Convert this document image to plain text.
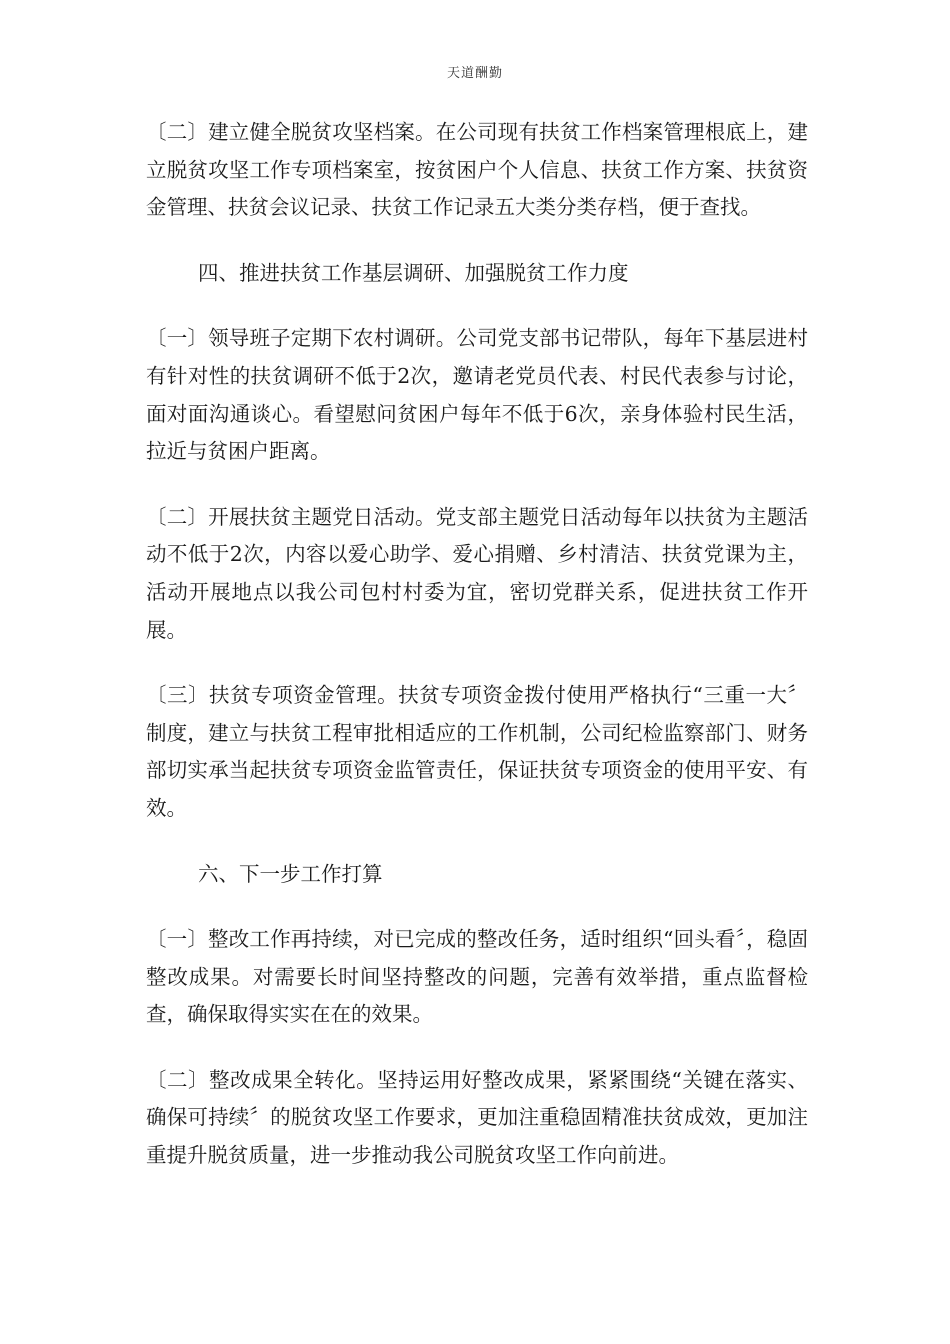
天道酬勤

〔二〕建立健全脱贫攻坚档案。在公司现有扶贫工作档案管理根底上，建立脱贫攻坚工作专项档案室，按贫困户个人信息、扶贫工作方案、扶贫资金管理、扶贫会议记录、扶贫工作记录五大类分类存档，便于查找。

四、推进扶贫工作基层调研、加强脱贫工作力度

〔一〕领导班子定期下农村调研。公司党支部书记带队，每年下基层进村有针对性的扶贫调研不低于2次，邀请老党员代表、村民代表参与讨论，面对面沟通谈心。看望慰问贫困户每年不低于6次，亲身体验村民生活，拉近与贫困户距离。

〔二〕开展扶贫主题党日活动。党支部主题党日活动每年以扶贫为主题活动不低于2次，内容以爱心助学、爱心捐赠、乡村清洁、扶贫党课为主，活动开展地点以我公司包村村委为宜，密切党群关系，促进扶贫工作开展。

〔三〕扶贫专项资金管理。扶贫专项资金拨付使用严格执行“三重一大〞制度，建立与扶贫工程审批相适应的工作机制，公司纪检监察部门、财务部切实承当起扶贫专项资金监管责任，保证扶贫专项资金的使用平安、有效。

六、下一步工作打算

〔一〕整改工作再持续，对已完成的整改任务，适时组织“回头看〞，稳固整改成果。对需要长时间坚持整改的问题，完善有效举措，重点监督检查，确保取得实实在在的效果。

〔二〕整改成果全转化。坚持运用好整改成果，紧紧围绕“关键在落实、确保可持续〞的脱贫攻坚工作要求，更加注重稳固精准扶贫成效，更加注重提升脱贫质量，进一步推动我公司脱贫攻坚工作向前进。
